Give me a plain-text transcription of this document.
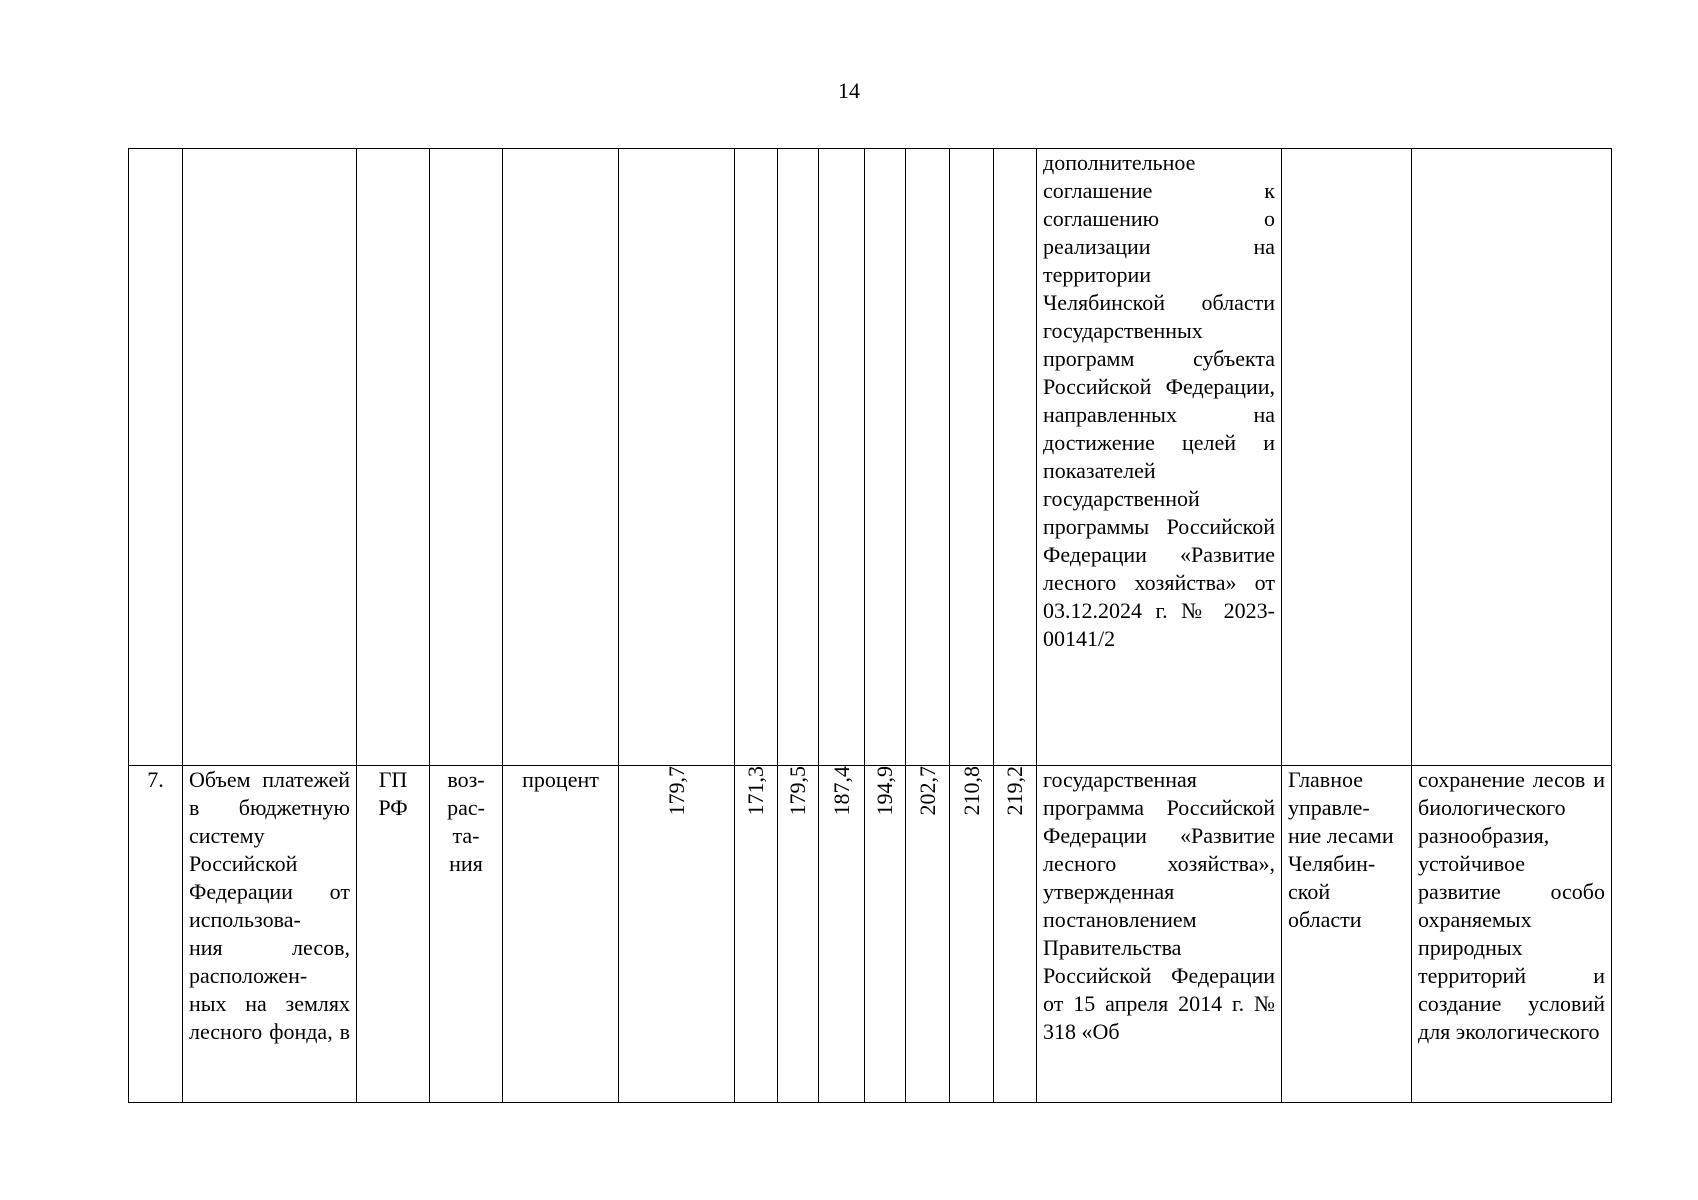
14
													дополнительное соглашение к соглашению о реализации на территории Челябинской области государственных программ субъекта Российской Федерации, направленных на достижение целей и показателей государственной программы Российской Федерации «Развитие лесного хозяйства» от 03.12.2024 г. № 2023-00141/2		
7.	Объем платежей в бюджетную систему Российской Федерации от использова-
ния лесов, расположен-
ных на землях лесного фонда, в	ГП РФ	воз- рас- та- ния	процент	179,7	171,3	179,5	187,4	194,9	202,7	210,8	219,2	государственная программа Российской Федерации «Развитие лесного хозяйства», утвержденная постановлением Правительства Российской Федерации от 15 апреля 2014 г. № 318 «Об	Главное управле- ние лесами Челябин- ской области	сохранение лесов и биологического разнообразия, устойчивое развитие особо охраняемых природных территорий и создание условий для экологического
